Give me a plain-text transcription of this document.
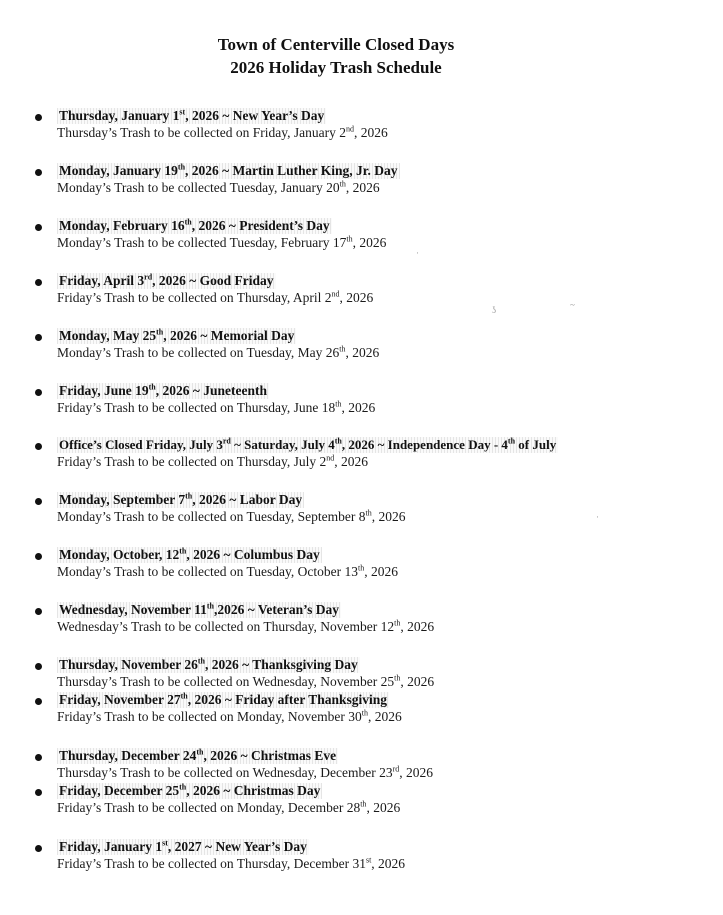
Town of Centerville Closed Days
2026 Holiday Trash Schedule
Thursday, January 1st, 2026 ~ New Year’s Day
Thursday’s Trash to be collected on Friday, January 2nd, 2026
Monday, January 19th, 2026 ~ Martin Luther King, Jr. Day
Monday’s Trash to be collected Tuesday, January 20th, 2026
Monday, February 16th, 2026 ~ President’s Day
Monday’s Trash to be collected Tuesday, February 17th, 2026
Friday, April 3rd, 2026 ~ Good Friday
Friday’s Trash to be collected on Thursday, April 2nd, 2026
Monday, May 25th, 2026 ~ Memorial Day
Monday’s Trash to be collected on Tuesday, May 26th, 2026
Friday, June 19th, 2026 ~ Juneteenth
Friday’s Trash to be collected on Thursday, June 18th, 2026
Office’s Closed Friday, July 3rd ~ Saturday, July 4th, 2026 ~ Independence Day - 4th of July
Friday’s Trash to be collected on Thursday, July 2nd, 2026
Monday, September 7th, 2026 ~ Labor Day
Monday’s Trash to be collected on Tuesday, September 8th, 2026
Monday, October, 12th, 2026 ~ Columbus Day
Monday’s Trash to be collected on Tuesday, October 13th, 2026
Wednesday, November 11th,2026 ~ Veteran’s Day
Wednesday’s Trash to be collected on Thursday, November 12th, 2026
Thursday, November 26th, 2026 ~ Thanksgiving Day
Thursday’s Trash to be collected on Wednesday, November 25th, 2026
Friday, November 27th, 2026 ~ Friday after Thanksgiving
Friday’s Trash to be collected on Monday, November 30th, 2026
Thursday, December 24th, 2026 ~ Christmas Eve
Thursday’s Trash to be collected on Wednesday, December 23rd, 2026
Friday, December 25th, 2026 ~ Christmas Day
Friday’s Trash to be collected on Monday, December 28th, 2026
Friday, January 1st, 2027 ~ New Year’s Day
Friday’s Trash to be collected on Thursday, December 31st, 2026
ʖ	~
·
·
